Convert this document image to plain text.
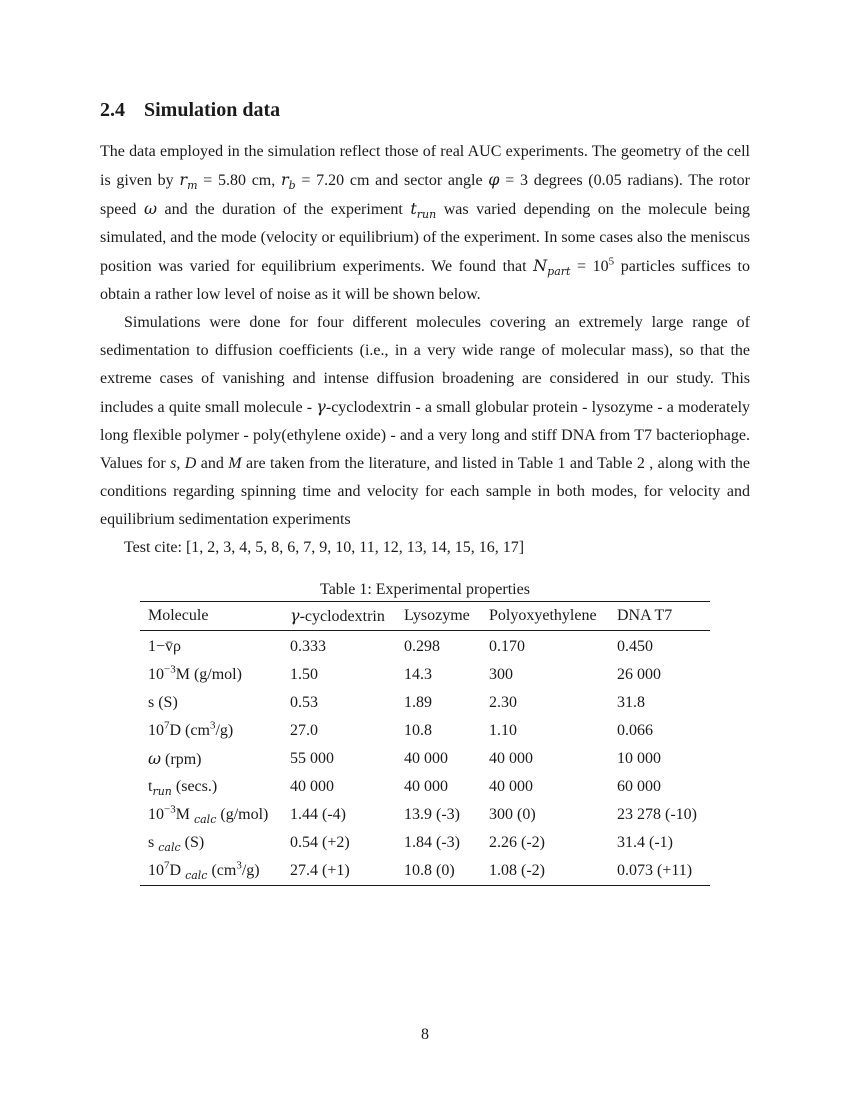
2.4 Simulation data

The data employed in the simulation reflect those of real AUC experiments. The geometry of the cell is given by $r_m = 5.80$ cm, $r_b = 7.20$ cm and sector angle φ = 3 degrees (0.05 radians). The rotor speed ω and the duration of the experiment $t_{run}$ was varied depending on the molecule being simulated, and the mode (velocity or equilibrium) of the experiment. In some cases also the meniscus position was varied for equilibrium experiments. We found that $N_{part} = 10^5$ particles suffices to obtain a rather low level of noise as it will be shown below.

Simulations were done for four different molecules covering an extremely large range of sedimentation to diffusion coefficients (i.e., in a very wide range of molecular mass), so that the extreme cases of vanishing and intense diffusion broadening are considered in our study. This includes a quite small molecule - γ-cyclodextrin - a small globular protein - lysozyme - a moderately long flexible polymer - poly(ethylene oxide) - and a very long and stiff DNA from T7 bacteriophage. Values for s, D and M are taken from the literature, and listed in Table 1 and Table 2 , along with the conditions regarding spinning time and velocity for each sample in both modes, for velocity and equilibrium sedimentation experiments

Test cite: [1, 2, 3, 4, 5, 8, 6, 7, 9, 10, 11, 12, 13, 14, 15, 16, 17]

Table 1: Experimental properties
Molecule	γ-cyclodextrin	Lysozyme	Polyoxyethylene	DNA T7
1−v̄ρ	0.333	0.298	0.170	0.450
$10^{-3}M$ (g/mol)	1.50	14.3	300	26 000
s (S)	0.53	1.89	2.30	31.8
$10^7D$ $(cm^3/g)$	27.0	10.8	1.10	0.066
ω (rpm)	55 000	40 000	40 000	10 000
$t_{run}$ (secs.)	40 000	40 000	40 000	60 000
$10^{-3}M$ $_{calc}$ (g/mol)	1.44 (-4)	13.9 (-3)	300 (0)	23 278 (-10)
s $_{calc}$ (S)	0.54 (+2)	1.84 (-3)	2.26 (-2)	31.4 (-1)
$10^7D$ $_{calc}$ $(cm^3/g)$	27.4 (+1)	10.8 (0)	1.08 (-2)	0.073 (+11)
8
